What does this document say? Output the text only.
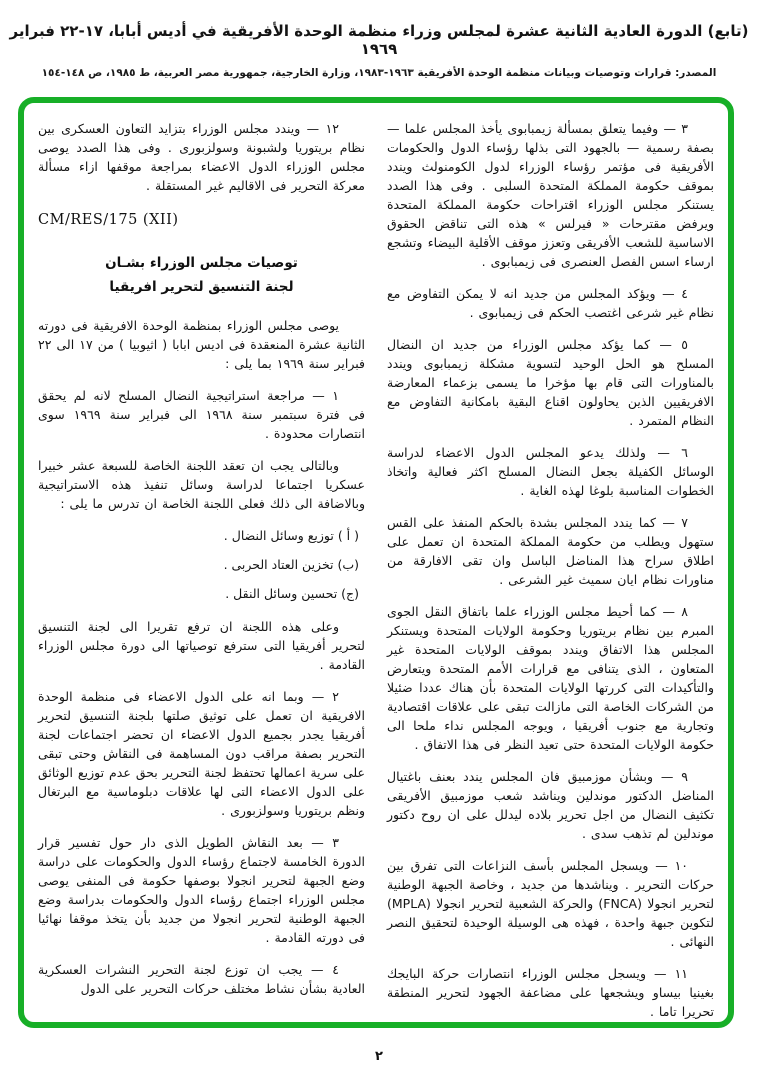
(تابع) الدورة العادية الثانية عشرة لمجلس وزراء منظمة الوحدة الأفريقية في أديس أبابا، ١٧-٢٢ فبراير ١٩٦٩
المصدر: قرارات وتوصيات وبيانات منظمة الوحدة الأفريقية ١٩٦٣-١٩٨٣، وزارة الخارجية، جمهورية مصر العربية، ط ١٩٨٥، ص ١٤٨-١٥٤

٣ — وفيما يتعلق بمسألة زيمبابوى يأخذ المجلس علما — بصفة رسمية — بالجهود التى بذلها رؤساء الدول والحكومات الأفريقية فى مؤتمر رؤساء الوزراء لدول الكومنولث ويندد بموقف حكومة المملكة المتحدة السلبى . وفى هذا الصدد يستنكر مجلس الوزراء اقتراحات حكومة المملكة المتحدة ويرفض مقترحات « فيرلس » هذه التى تناقض الحقوق الاساسية للشعب الأفريقى وتعزز موقف الأقلية البيضاء وتشجع ارساء اسس الفصل العنصرى فى زيمبابوى .

٤ — ويؤكد المجلس من جديد انه لا يمكن التفاوض مع نظام غير شرعى اغتصب الحكم فى زيمبابوى .

٥ — كما يؤكد مجلس الوزراء من جديد ان النضال المسلح هو الحل الوحيد لتسوية مشكلة زيمبابوى ويندد بالمناورات التى قام بها مؤخرا ما يسمى بزعماء المعارضة الافريقيين الذين يحاولون اقناع البقية بامكانية التفاوض مع النظام المتمرد .

٦ — ولذلك يدعو المجلس الدول الاعضاء لدراسة الوسائل الكفيلة بجعل النضال المسلح اكثر فعالية واتخاذ الخطوات المناسبة بلوغا لهذه الغاية .

٧ — كما يندد المجلس بشدة بالحكم المنفذ على القس ستهول ويطلب من حكومة المملكة المتحدة ان تعمل على اطلاق سراح هذا المناضل الباسل وان تقى الافارقة من مناورات نظام ايان سميث غير الشرعى .

٨ — كما أحيط مجلس الوزراء علما باتفاق النقل الجوى المبرم بين نظام بريتوريا وحكومة الولايات المتحدة ويستنكر المجلس هذا الاتفاق ويندد بموقف الولايات المتحدة غير المتعاون ، الذى يتنافى مع قرارات الأمم المتحدة ويتعارض والتأكيدات التى كررتها الولايات المتحدة بأن هناك عددا ضئيلا من الشركات الخاصة التى مازالت تبقى على علاقات اقتصادية وتجارية مع جنوب أفريقيا ، ويوجه المجلس نداء ملحا الى حكومة الولايات المتحدة حتى تعيد النظر فى هذا الاتفاق .

٩ — وبشأن موزمبيق فان المجلس يندد بعنف باغتيال المناضل الدكتور موندلين ويناشد شعب موزمبيق الأفريقى تكثيف النضال من اجل تحرير بلاده ليدلل على ان روح دكتور موندلين لم تذهب سدى .

١٠ — ويسجل المجلس بأسف النزاعات التى تفرق بين حركات التحرير . ويناشدها من جديد ، وخاصة الجبهة الوطنية لتحرير انجولا (FNCA) والحركة الشعبية لتحرير انجولا (MPLA) لتكوين جبهة واحدة ، فهذه هى الوسيلة الوحيدة لتحقيق النصر النهائى .

١١ — ويسجل مجلس الوزراء انتصارات حركة البايجك بغينيا بيساو ويشجعها على مضاعفة الجهود لتحرير المنطقة تحريرا تاما .

١٢ — ويندد مجلس الوزراء بتزايد التعاون العسكرى بين نظام بريتوريا ولشبونة وسولزبورى . وفى هذا الصدد يوصى مجلس الوزراء الدول الاعضاء بمراجعة موقفها ازاء مسألة معركة التحرير فى الاقاليم غير المستقلة .

CM/RES/175 (XII)
توصيات مجلس الوزراء بشـان
لجنة التنسيق لتحرير افريقيا

يوصى مجلس الوزراء بمنظمة الوحدة الافريقية فى دورته الثانية عشرة المنعقدة فى اديس ابابا ( اثيوبيا ) من ١٧ الى ٢٢ فبراير سنة ١٩٦٩ بما يلى :

١ — مراجعة استراتيجية النضال المسلح لانه لم يحقق فى فترة سبتمبر سنة ١٩٦٨ الى فبراير سنة ١٩٦٩ سوى انتصارات محدودة .

وبالتالى يجب ان تعقد اللجنة الخاصة للسبعة عشر خبيرا عسكريا اجتماعا لدراسة وسائل تنفيذ هذه الاستراتيجية وبالاضافة الى ذلك فعلى اللجنة الخاصة ان تدرس ما يلى :

( أ ) توزيع وسائل النضال .
(ب) تخزين العتاد الحربى .
(ج) تحسين وسائل النقل .

وعلى هذه اللجنة ان ترفع تقريرا الى لجنة التنسيق لتحرير أفريقيا التى سترفع توصياتها الى دورة مجلس الوزراء القادمة .

٢ — وبما انه على الدول الاعضاء فى منظمة الوحدة الافريقية ان تعمل على توثيق صلتها بلجنة التنسيق لتحرير أفريقيا يجدر بجميع الدول الاعضاء ان تحضر اجتماعات لجنة التحرير بصفة مراقب دون المساهمة فى النقاش وحتى تبقى على سرية اعمالها تحتفظ لجنة التحرير بحق عدم توزيع الوثائق على الدول الاعضاء التى لها علاقات دبلوماسية مع البرتغال ونظم بريتوريا وسولزبورى .

٣ — بعد النقاش الطويل الذى دار حول تفسير قرار الدورة الخامسة لاجتماع رؤساء الدول والحكومات على دراسة وضع الجبهة لتحرير انجولا بوصفها حكومة فى المنفى يوصى مجلس الوزراء اجتماع رؤساء الدول والحكومات بدراسة وضع الجبهة الوطنية لتحرير انجولا من جديد بأن يتخذ موقفا نهائيا فى دورته القادمة .

٤ — يجب ان توزع لجنة التحرير النشرات العسكرية العادية بشأن نشاط مختلف حركات التحرير على الدول

٢
